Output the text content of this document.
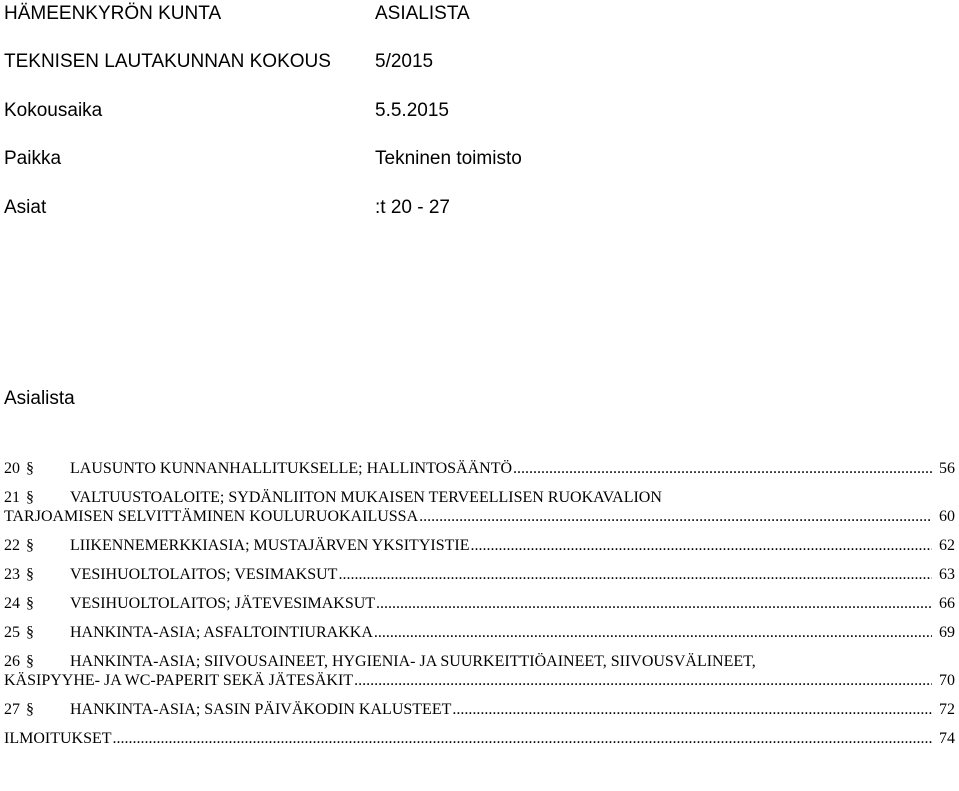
HÄMEENKYRÖN KUNTA	ASIALISTA
TEKNISEN LAUTAKUNNAN KOKOUS 5/2015
Kokousaika	5.5.2015
Paikka	Tekninen toimisto
Asiat	:t 20 - 27
Asialista
20 § LAUSUNTO KUNNANHALLITUKSELLE; HALLINTOSÄÄNTÖ .....	56
21 §	VALTUUSTOALOITE; SYDÄNLIITON MUKAISEN TERVEELLISEN RUOKAVALION
TARJOAMISEN SELVITTÄMINEN KOULURUOKAILUSSA .....	60
22 § LIIKENNEMERKKIASIA; MUSTAJÄRVEN YKSITYISTIE .....	62
23 § VESIHUOLTOLAITOS; VESIMAKSUT .....	63
24 § VESIHUOLTOLAITOS; JÄTEVESIMAKSUT .....	66
25 § HANKINTA-ASIA; ASFALTOINTIURAKKA .....	69
26 §	HANKINTA-ASIA; SIIVOUSAINEET, HYGIENIA- JA SUURKEITTIÖAINEET, SIIVOUSVÄLINEET,
KÄSIPYYHE- JA WC-PAPERIT SEKÄ JÄTESÄKIT .....	70
27 § HANKINTA-ASIA; SASIN PÄIVÄKODIN KALUSTEET .....	72
ILMOITUKSET .....	74
